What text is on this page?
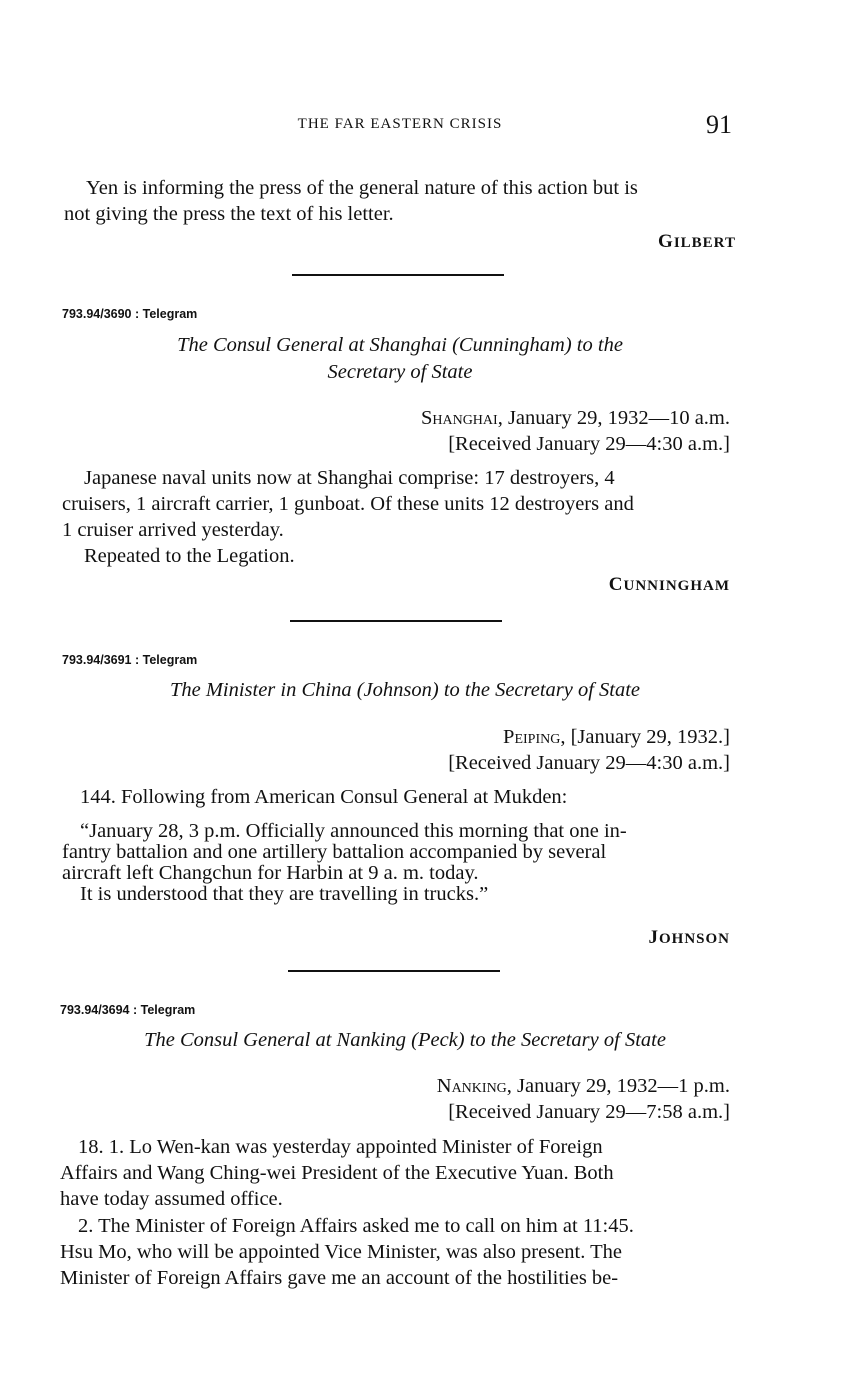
THE FAR EASTERN CRISIS	91
Yen is informing the press of the general nature of this action but is
not giving the press the text of his letter.
GILBERT
793.94/3690 : Telegram
The Consul General at Shanghai (Cunningham) to the
Secretary of State
Shanghai, January 29, 1932—10 a.m.
[Received January 29—4:30 a.m.]
Japanese naval units now at Shanghai comprise: 17 destroyers, 4
cruisers, 1 aircraft carrier, 1 gunboat. Of these units 12 destroyers and
1 cruiser arrived yesterday.
Repeated to the Legation.
CUNNINGHAM
793.94/3691 : Telegram
The Minister in China (Johnson) to the Secretary of State
Peiping, [January 29, 1932.]
[Received January 29—4:30 a.m.]
144. Following from American Consul General at Mukden:
“January 28, 3 p.m. Officially announced this morning that one in-
fantry battalion and one artillery battalion accompanied by several
aircraft left Changchun for Harbin at 9 a. m. today.
It is understood that they are travelling in trucks.”
JOHNSON
793.94/3694 : Telegram
The Consul General at Nanking (Peck) to the Secretary of State
Nanking, January 29, 1932—1 p.m.
[Received January 29—7:58 a.m.]
18. 1. Lo Wen-kan was yesterday appointed Minister of Foreign
Affairs and Wang Ching-wei President of the Executive Yuan. Both
have today assumed office.
2. The Minister of Foreign Affairs asked me to call on him at 11:45.
Hsu Mo, who will be appointed Vice Minister, was also present. The
Minister of Foreign Affairs gave me an account of the hostilities be-
